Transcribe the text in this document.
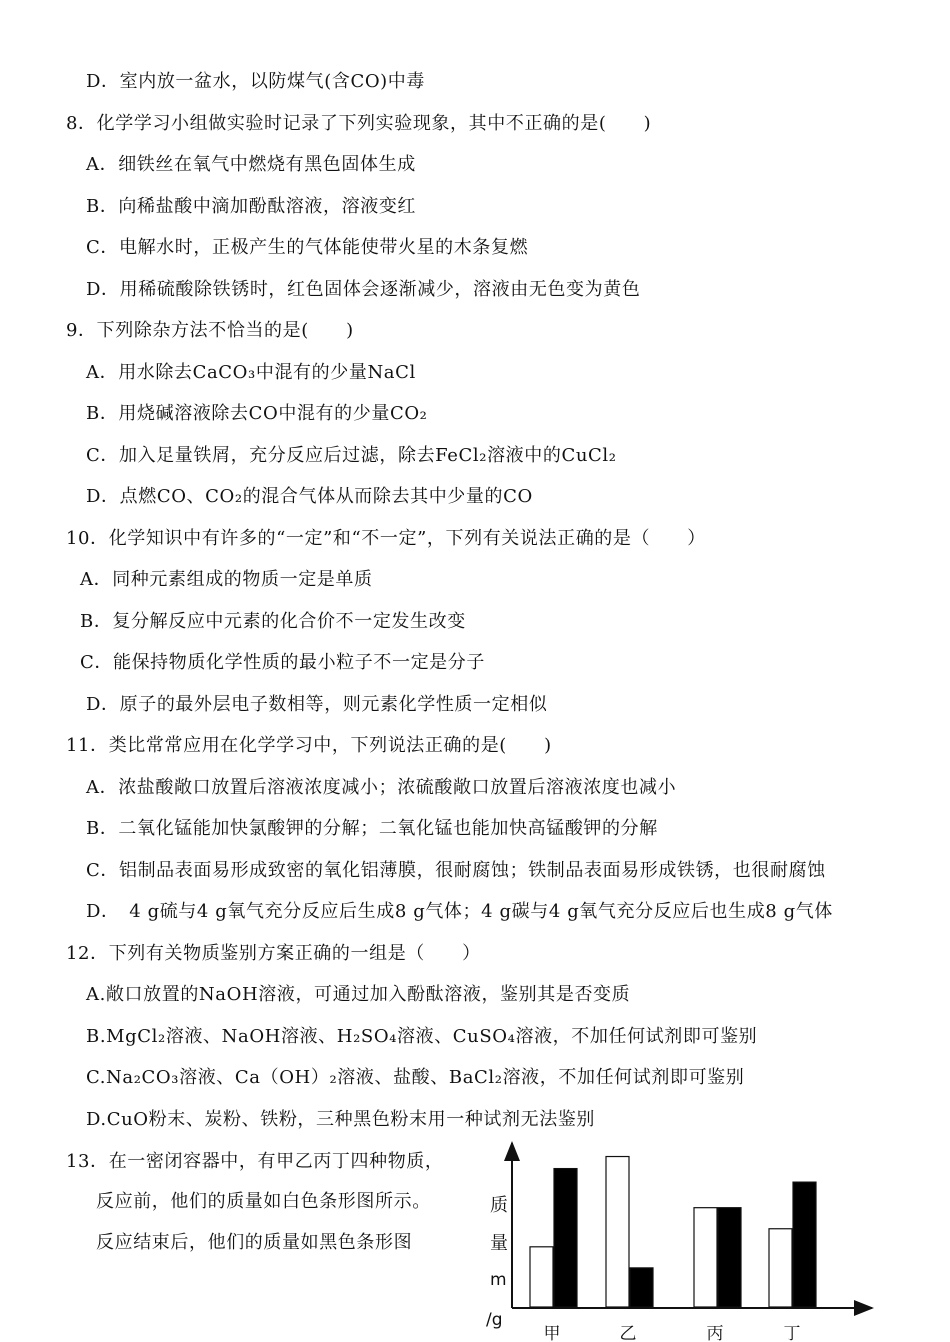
D．室内放一盆水，以防煤气(含CO)中毒
8．化学学习小组做实验时记录了下列实验现象，其中不正确的是(　　)
A．细铁丝在氧气中燃烧有黑色固体生成
B．向稀盐酸中滴加酚酞溶液，溶液变红
C．电解水时，正极产生的气体能使带火星的木条复燃
D．用稀硫酸除铁锈时，红色固体会逐渐减少，溶液由无色变为黄色
9．下列除杂方法不恰当的是(　　)
A．用水除去CaCO₃中混有的少量NaCl
B．用烧碱溶液除去CO中混有的少量CO₂
C．加入足量铁屑，充分反应后过滤，除去FeCl₂溶液中的CuCl₂
D．点燃CO、CO₂的混合气体从而除去其中少量的CO
10．化学知识中有许多的“一定”和“不一定”，下列有关说法正确的是（　　）
A．同种元素组成的物质一定是单质
B．复分解反应中元素的化合价不一定发生改变
C．能保持物质化学性质的最小粒子不一定是分子
D．原子的最外层电子数相等，则元素化学性质一定相似
11．类比常常应用在化学学习中，下列说法正确的是(　　)
A．浓盐酸敞口放置后溶液浓度减小；浓硫酸敞口放置后溶液浓度也减小
B．二氧化锰能加快氯酸钾的分解；二氧化锰也能加快高锰酸钾的分解
C．铝制品表面易形成致密的氧化铝薄膜，很耐腐蚀；铁制品表面易形成铁锈，也很耐腐蚀
D．　4 g硫与4 g氧气充分反应后生成8 g气体；4 g碳与4 g氧气充分反应后也生成8 g气体
12．下列有关物质鉴别方案正确的一组是（　　）
A.敞口放置的NaOH溶液，可通过加入酚酞溶液，鉴别其是否变质
B.MgCl₂溶液、NaOH溶液、H₂SO₄溶液、CuSO₄溶液，不加任何试剂即可鉴别
C.Na₂CO₃溶液、Ca（OH）₂溶液、盐酸、BaCl₂溶液，不加任何试剂即可鉴别
D.CuO粉末、炭粉、铁粉，三种黑色粉末用一种试剂无法鉴别
13．在一密闭容器中，有甲乙丙丁四种物质，
反应前，他们的质量如白色条形图所示。
反应结束后，他们的质量如黑色条形图
质
量
m
/g
甲	乙	丙	丁
